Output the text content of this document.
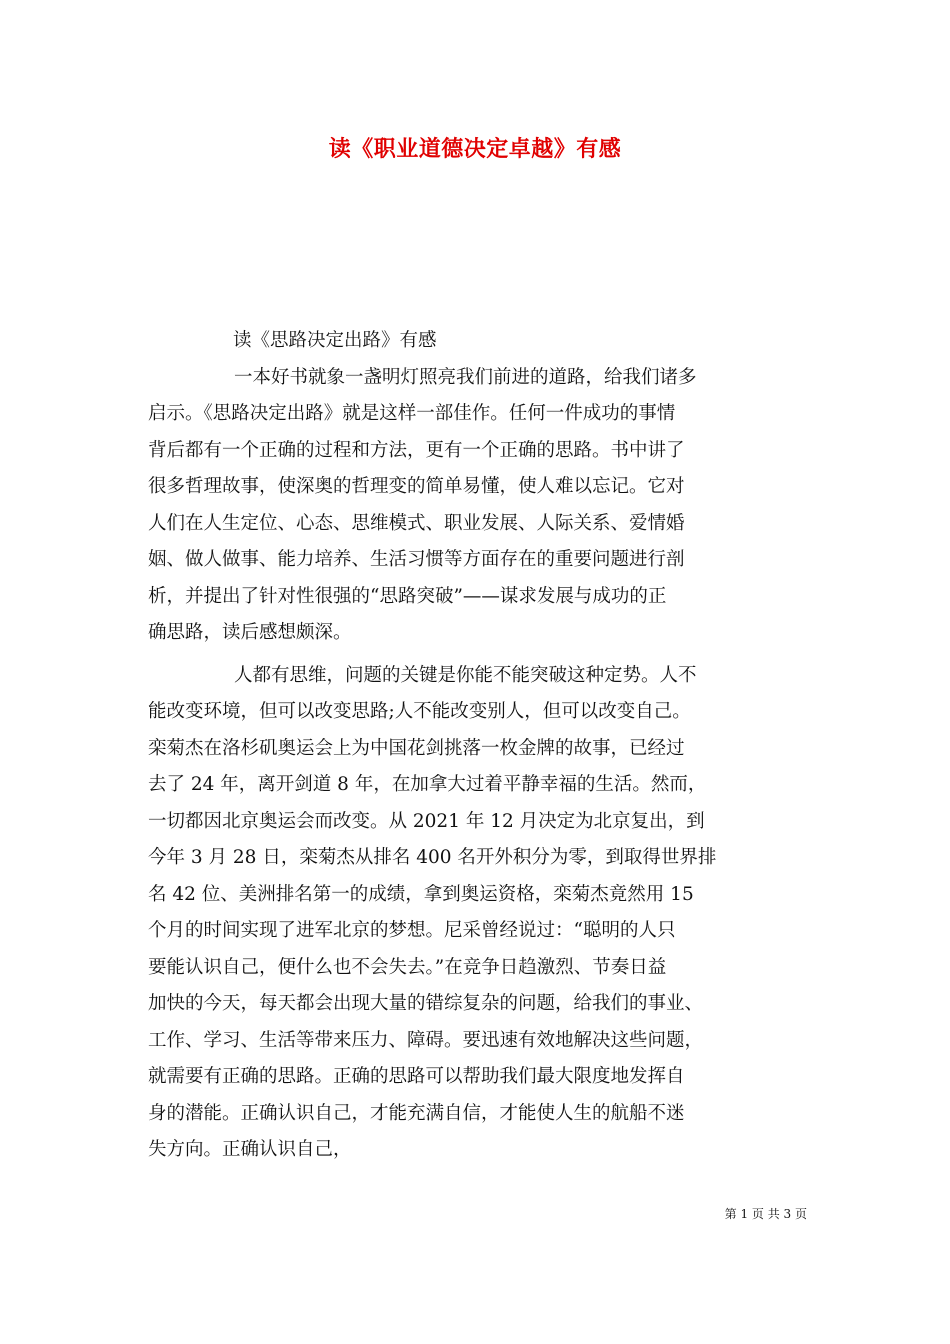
读《职业道德决定卓越》有感
读《思路决定出路》有感
一本好书就象一盏明灯照亮我们前进的道路，给我们诸多
启示。《思路决定出路》就是这样一部佳作。任何一件成功的事情
背后都有一个正确的过程和方法，更有一个正确的思路。书中讲了
很多哲理故事，使深奥的哲理变的简单易懂，使人难以忘记。它对
人们在人生定位、心态、思维模式、职业发展、人际关系、爱情婚
姻、做人做事、能力培养、生活习惯等方面存在的重要问题进行剖
析，并提出了针对性很强的“思路突破”——谋求发展与成功的正
确思路，读后感想颇深。
人都有思维，问题的关键是你能不能突破这种定势。人不
能改变环境，但可以改变思路;人不能改变别人，但可以改变自己。
栾菊杰在洛杉矶奥运会上为中国花剑挑落一枚金牌的故事，已经过
去了 24 年，离开剑道 8 年，在加拿大过着平静幸福的生活。然而，
一切都因北京奥运会而改变。从 2021 年 12 月决定为北京复出，到
今年 3 月 28 日，栾菊杰从排名 400 名开外积分为零，到取得世界排
名 42 位、美洲排名第一的成绩，拿到奥运资格，栾菊杰竟然用 15
个月的时间实现了进军北京的梦想。尼采曾经说过：“聪明的人只
要能认识自己，便什么也不会失去。”在竞争日趋激烈、节奏日益
加快的今天，每天都会出现大量的错综复杂的问题，给我们的事业、
工作、学习、生活等带来压力、障碍。要迅速有效地解决这些问题，
就需要有正确的思路。正确的思路可以帮助我们最大限度地发挥自
身的潜能。正确认识自己，才能充满自信，才能使人生的航船不迷
失方向。正确认识自己，
第 1 页 共 3 页
